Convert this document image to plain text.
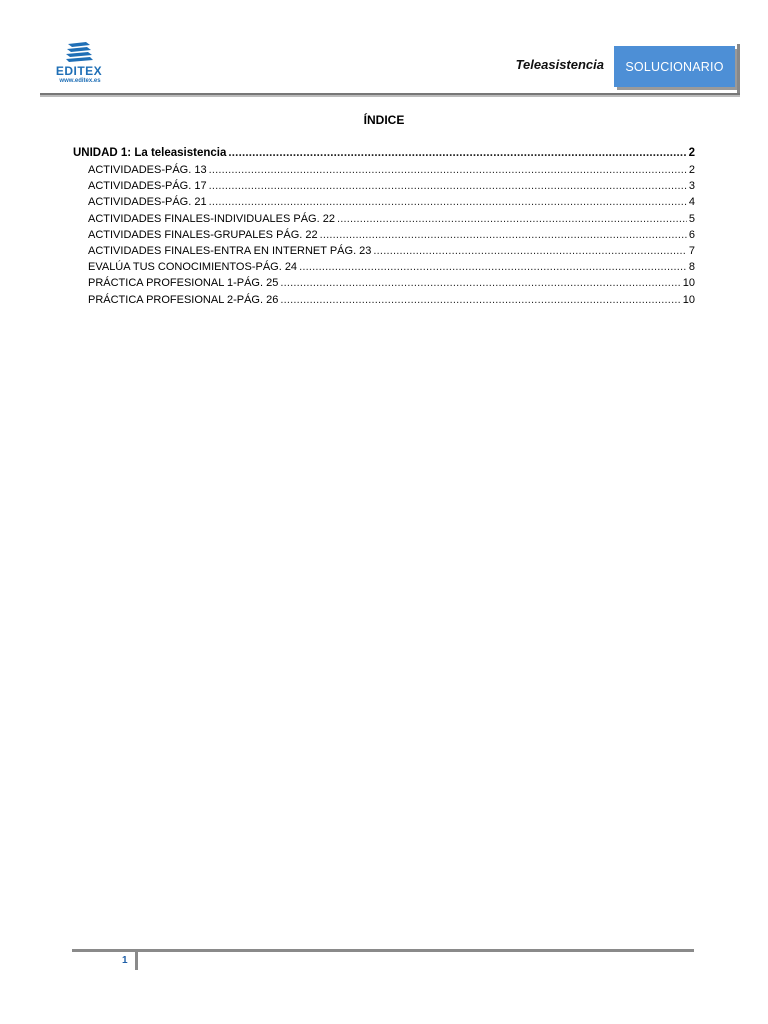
EDITEX
www.editex.es
Teleasistencia	SOLUCIONARIO
ÍNDICE
UNIDAD 1: La teleasistencia .....	2
ACTIVIDADES-PÁG. 13 .....	2
ACTIVIDADES-PÁG. 17 .....	3
ACTIVIDADES-PÁG. 21 .....	4
ACTIVIDADES FINALES-INDIVIDUALES PÁG. 22 .....	5
ACTIVIDADES FINALES-GRUPALES PÁG. 22 .....	6
ACTIVIDADES FINALES-ENTRA EN INTERNET PÁG. 23 .....	7
EVALÚA TUS CONOCIMIENTOS-PÁG. 24 .....	8
PRÁCTICA PROFESIONAL 1-PÁG. 25 .....	10
PRÁCTICA PROFESIONAL 2-PÁG. 26 .....	10
1
